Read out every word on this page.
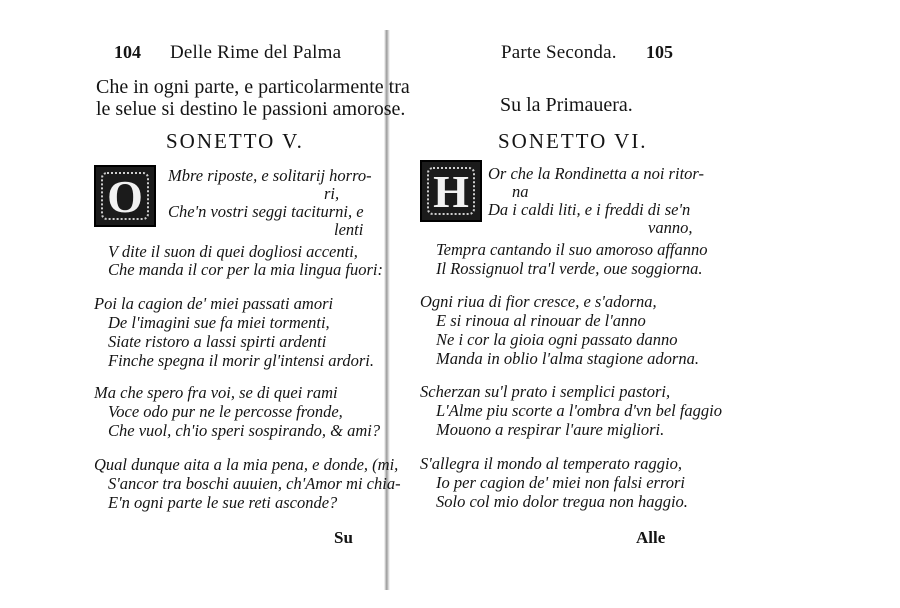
104 Delle Rime del Palma
Che in ogni parte, e particolarmente tra
le selue si destino le passioni amorose.
SONETTO V.
O Mbre riposte, e solitarij horro-
ri,
Che'n vostri seggi taciturni, e
lenti
V dite il suon di quei dogliosi accenti,
Che manda il cor per la mia lingua fuori:
Poi la cagion de' miei passati amori
De l'imagini sue fa miei tormenti,
Siate ristoro a lassi spirti ardenti
Finche spegna il morir gl'intensi ardori.
Ma che spero fra voi, se di quei rami
Voce odo pur ne le percosse fronde,
Che vuol, ch'io speri sospirando, & ami?
Qual dunque aita a la mia pena, e donde, (mi,
S'ancor tra boschi auuien, ch'Amor mi chia-
E'n ogni parte le sue reti asconde?
Su
Parte Seconda. 105
Su la Primauera.
SONETTO VI.
H Or che la Rondinetta a noi ritor-
na
Da i caldi liti, e i freddi di se'n
vanno,
Tempra cantando il suo amoroso affanno
Il Rossignuol tra'l verde, oue soggiorna.
Ogni riua di fior cresce, e s'adorna,
E si rinoua al rinouar de l'anno
Ne i cor la gioia ogni passato danno
Manda in oblio l'alma stagione adorna.
Scherzan su'l prato i semplici pastori,
L'Alme piu scorte a l'ombra d'vn bel faggio
Mouono a respirar l'aure migliori.
S'allegra il mondo al temperato raggio,
Io per cagion de' miei non falsi errori
Solo col mio dolor tregua non haggio.
Alle
